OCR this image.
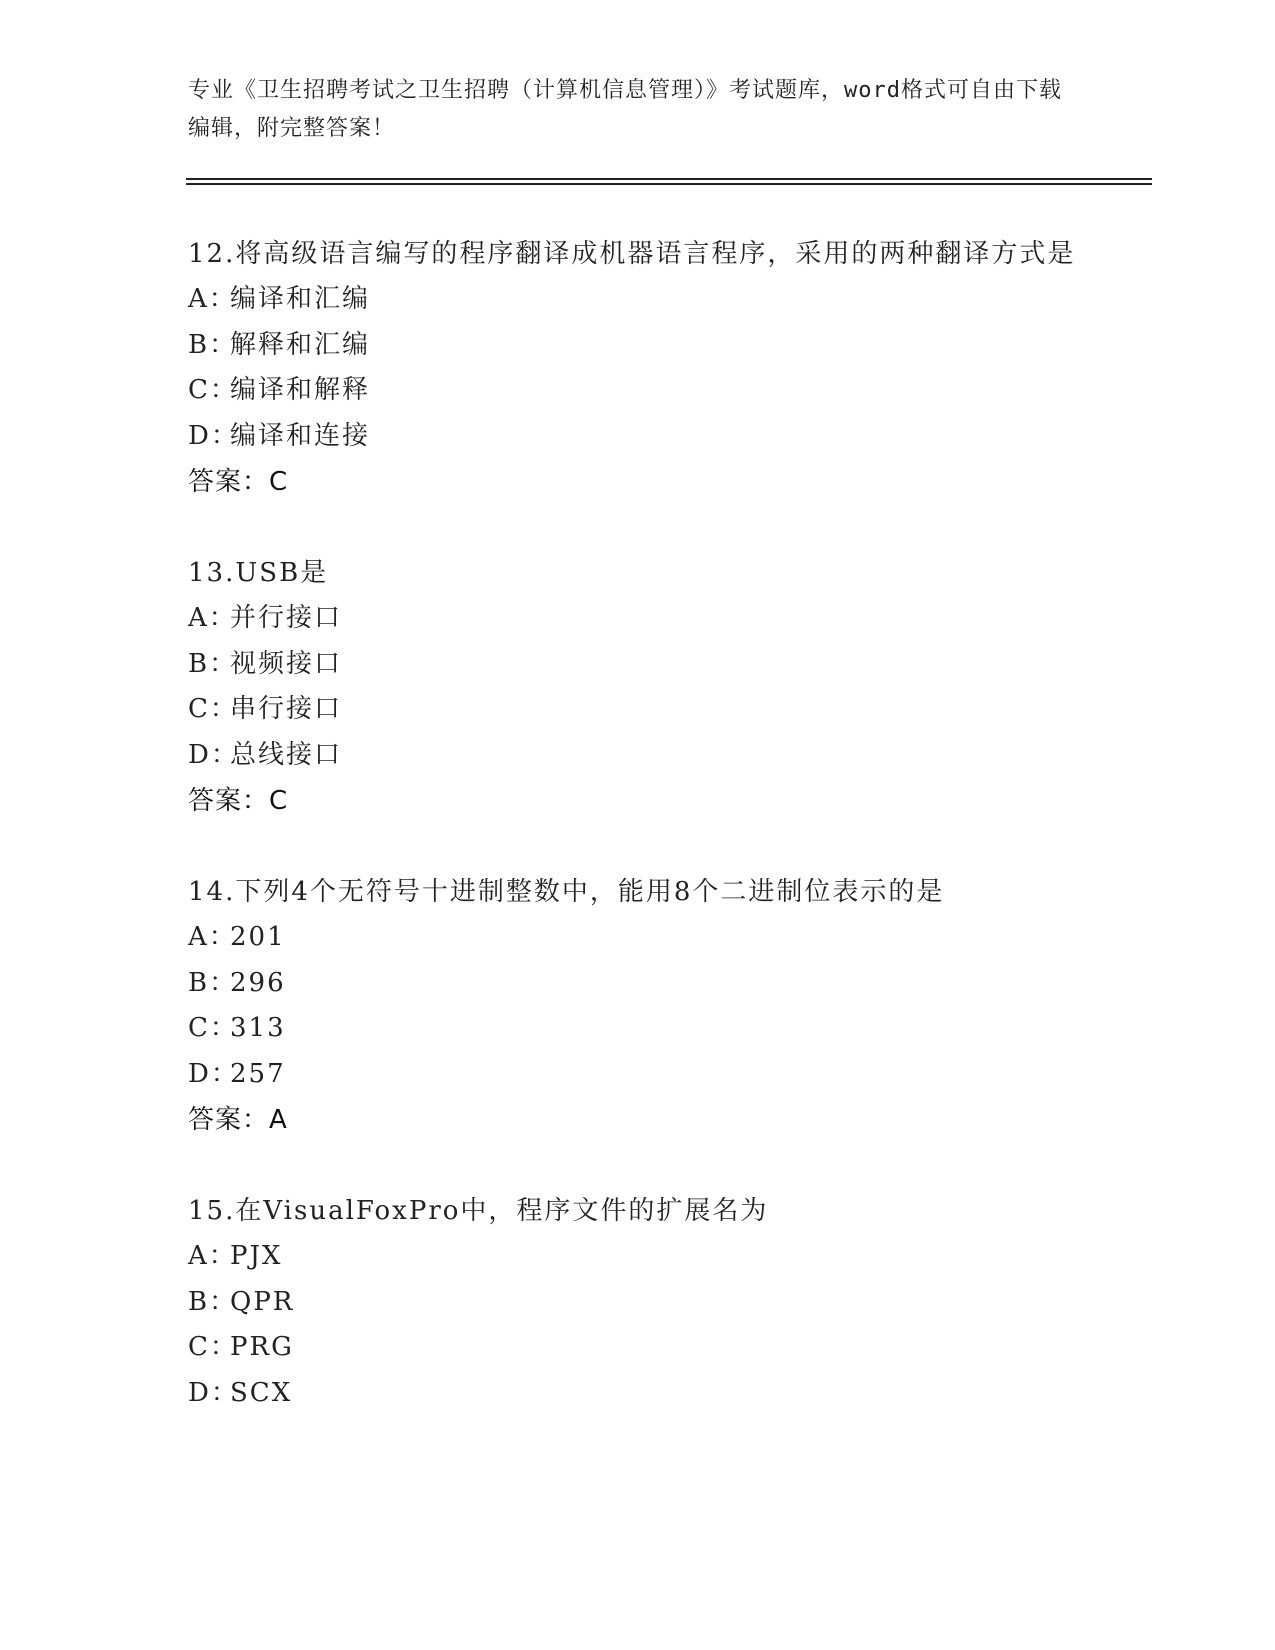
专业《卫生招聘考试之卫生招聘（计算机信息管理）》考试题库，word格式可自由下载编辑，附完整答案！
12.将高级语言编写的程序翻译成机器语言程序，采用的两种翻译方式是
A：编译和汇编
B：解释和汇编
C：编译和解释
D：编译和连接
答案：C
13.USB是
A：并行接口
B：视频接口
C：串行接口
D：总线接口
答案：C
14.下列4个无符号十进制整数中，能用8个二进制位表示的是
A：201
B：296
C：313
D：257
答案：A
15.在VisualFoxPro中，程序文件的扩展名为
A：PJX
B：QPR
C：PRG
D：SCX
